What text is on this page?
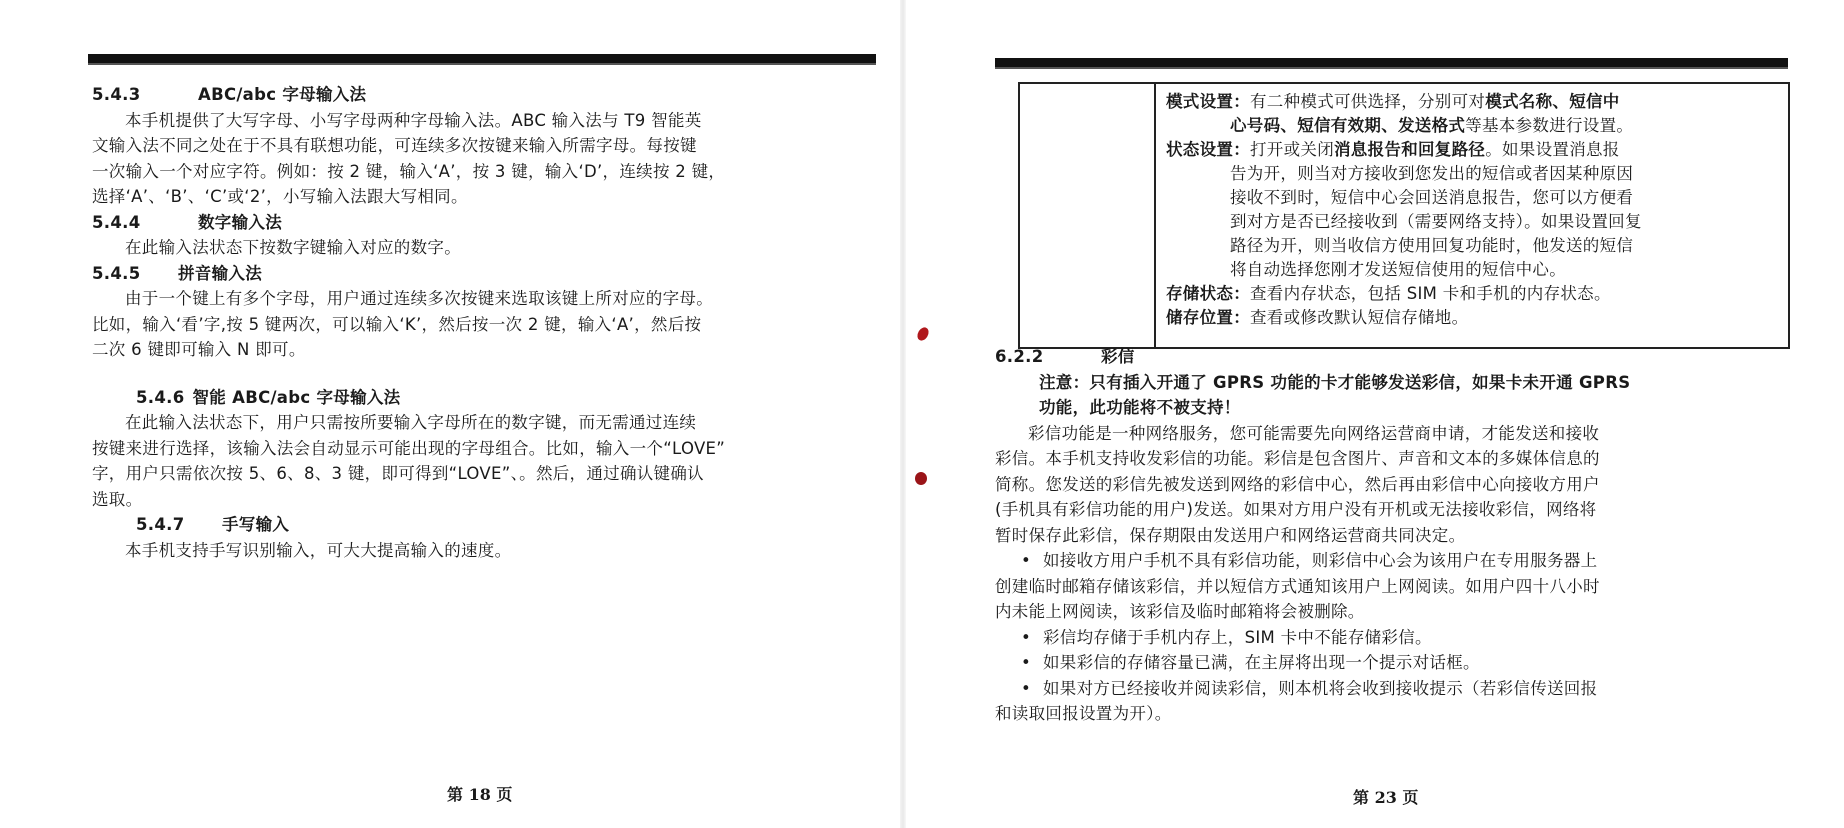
5.4.3	ABC/abc 字母输入法
本手机提供了大写字母、小写字母两种字母输入法。ABC 输入法与 T9 智能英
文输入法不同之处在于不具有联想功能，可连续多次按键来输入所需字母。每按键
一次输入一个对应字符。例如：按 2 键，输入‘A’，按 3 键，输入‘D’，连续按 2 键，
选择‘A’、‘B’、‘C’或‘2’，小写输入法跟大写相同。
5.4.4	数字输入法
在此输入法状态下按数字键输入对应的数字。
5.4.5	拼音输入法
由于一个键上有多个字母，用户通过连续多次按键来选取该键上所对应的字母。
比如，输入‘看’字,按 5 键两次，可以输入‘K’，然后按一次 2 键，输入‘A’，然后按
二次 6 键即可输入 N 即可。
5.4.6 智能 ABC/abc 字母输入法
在此输入法状态下，用户只需按所要输入字母所在的数字键，而无需通过连续
按键来进行选择，该输入法会自动显示可能出现的字母组合。比如，输入一个“LOVE”
字，用户只需依次按 5、6、8、3 键，即可得到“LOVE”、。然后，通过确认键确认
选取。
5.4.7	手写输入
本手机支持手写识别输入，可大大提高输入的速度。
第 18 页
模式设置：有二种模式可供选择，分别可对模式名称、短信中
心号码、短信有效期、发送格式等基本参数进行设置。
状态设置：打开或关闭消息报告和回复路径。如果设置消息报
告为开，则当对方接收到您发出的短信或者因某种原因
接收不到时，短信中心会回送消息报告，您可以方便看
到对方是否已经接收到（需要网络支持）。如果设置回复
路径为开，则当收信方使用回复功能时，他发送的短信
将自动选择您刚才发送短信使用的短信中心。
存储状态：查看内存状态，包括 SIM 卡和手机的内存状态。
储存位置：查看或修改默认短信存储地。
6.2.2	彩信
注意：只有插入开通了 GPRS 功能的卡才能够发送彩信，如果卡未开通 GPRS
功能，此功能将不被支持！
彩信功能是一种网络服务，您可能需要先向网络运营商申请，才能发送和接收
彩信。本手机支持收发彩信的功能。彩信是包含图片、声音和文本的多媒体信息的
简称。您发送的彩信先被发送到网络的彩信中心，然后再由彩信中心向接收方用户
(手机具有彩信功能的用户)发送。如果对方用户没有开机或无法接收彩信，网络将
暂时保存此彩信，保存期限由发送用户和网络运营商共同决定。
• 如接收方用户手机不具有彩信功能，则彩信中心会为该用户在专用服务器上
创建临时邮箱存储该彩信，并以短信方式通知该用户上网阅读。如用户四十八小时
内未能上网阅读，该彩信及临时邮箱将会被删除。
• 彩信均存储于手机内存上，SIM 卡中不能存储彩信。
• 如果彩信的存储容量已满，在主屏将出现一个提示对话框。
• 如果对方已经接收并阅读彩信，则本机将会收到接收提示（若彩信传送回报
和读取回报设置为开）。
第 23 页
